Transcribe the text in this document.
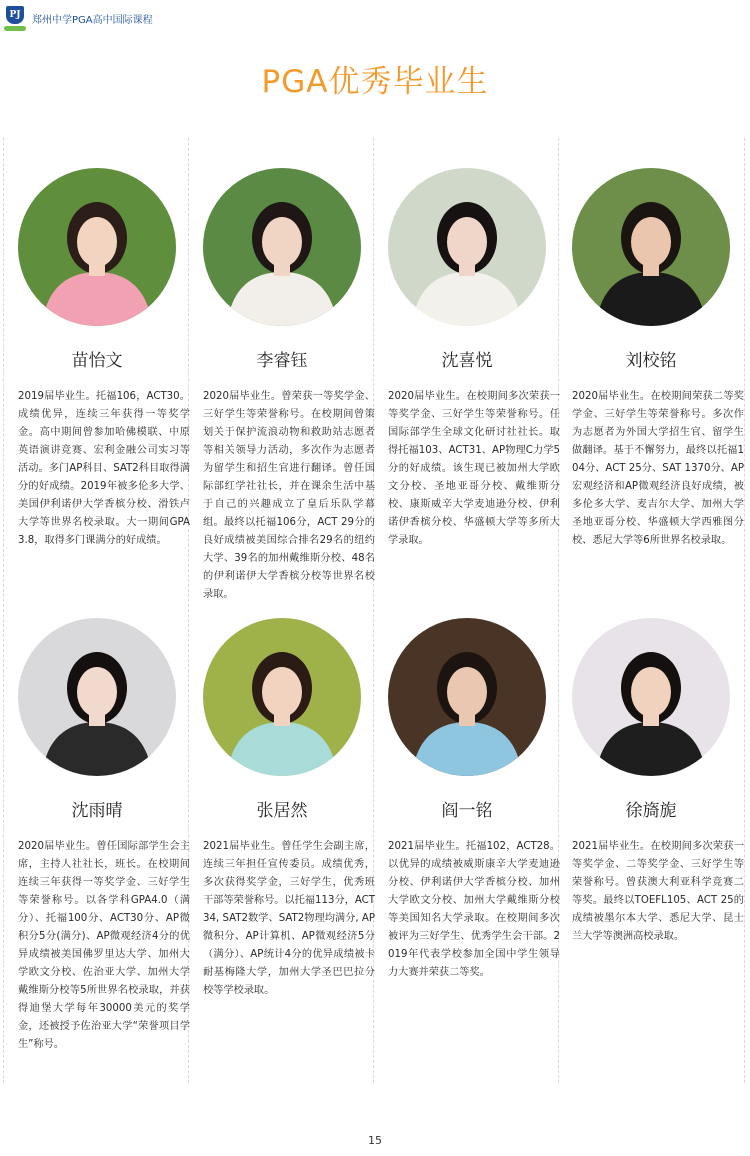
PJ	郑州中学PGA高中国际课程
PGA优秀毕业生
苗怡文
2019届毕业生。托福106，ACT30。成绩优异，连续三年获得一等奖学金。高中期间曾参加哈佛模联、中原英语演讲竞赛、宏利金融公司实习等活动。多门AP科目、SAT2科目取得满分的好成绩。2019年被多伦多大学、美国伊利诺伊大学香槟分校、滑铁卢大学等世界名校录取。大一期间GPA3.8，取得多门课满分的好成绩。
李睿钰
2020届毕业生。曾荣获一等奖学金、三好学生等荣誉称号。在校期间曾策划关于保护流浪动物和救助站志愿者等相关领导力活动，多次作为志愿者为留学生和招生官进行翻译。曾任国际部红学社社长，并在课余生活中基于自己的兴趣成立了皇后乐队学幕组。最终以托福106分，ACT 29分的良好成绩被美国综合排名29名的纽约大学、39名的加州戴维斯分校、48名的伊利诺伊大学香槟分校等世界名校录取。
沈喜悦
2020届毕业生。在校期间多次荣获一等奖学金、三好学生等荣誉称号。任国际部学生全球文化研讨社社长。取得托福103、ACT31、AP物理C力学5分的好成绩。该生现已被加州大学欧文分校、圣地亚哥分校、戴维斯分校、康斯威辛大学麦迪逊分校、伊利诺伊香槟分校、华盛顿大学等多所大学录取。
刘校铭
2020届毕业生。在校期间荣获二等奖学金、三好学生等荣誉称号。多次作为志愿者为外国大学招生官、留学生做翻译。基于不懈努力，最终以托福104分、ACT 25分、SAT 1370分、AP宏观经济和AP微观经济良好成绩，被多伦多大学、麦吉尔大学、加州大学圣地亚哥分校、华盛顿大学西雅图分校、悉尼大学等6所世界名校录取。
沈雨晴
2020届毕业生。曾任国际部学生会主席，主持人社社长，班长。在校期间连续三年获得一等奖学金、三好学生等荣誉称号。以各学科GPA4.0（满分）、托福100分、ACT30分、AP微积分5分(满分)、AP微观经济4分的优异成绩被美国佛罗里达大学、加州大学欧文分校、佐治亚大学、加州大学戴维斯分校等5所世界名校录取，并获得迪堡大学每年30000美元的奖学金，还被授予佐治亚大学“荣誉项目学生”称号。
张居然
2021届毕业生。曾任学生会副主席，连续三年担任宣传委员。成绩优秀，多次获得奖学金，三好学生，优秀班干部等荣誉称号。以托福113分，ACT34, SAT2数学、SAT2物理均满分, AP微积分、AP计算机、AP微观经济5分（满分）、AP统计4分的优异成绩被卡耐基梅隆大学，加州大学圣巴巴拉分校等学校录取。
阎一铭
2021届毕业生。托福102，ACT28。以优异的成绩被威斯康辛大学麦迪逊分校、伊利诺伊大学香槟分校、加州大学欧文分校、加州大学戴维斯分校等美国知名大学录取。在校期间多次被评为三好学生、优秀学生会干部。2019年代表学校参加全国中学生领导力大赛并荣获二等奖。
徐旖旎
2021届毕业生。在校期间多次荣获一等奖学金、二等奖学金、三好学生等荣誉称号。曾获澳大利亚科学竞赛二等奖。最终以TOEFL105、ACT 25的成绩被墨尔本大学、悉尼大学、昆士兰大学等澳洲高校录取。
15
